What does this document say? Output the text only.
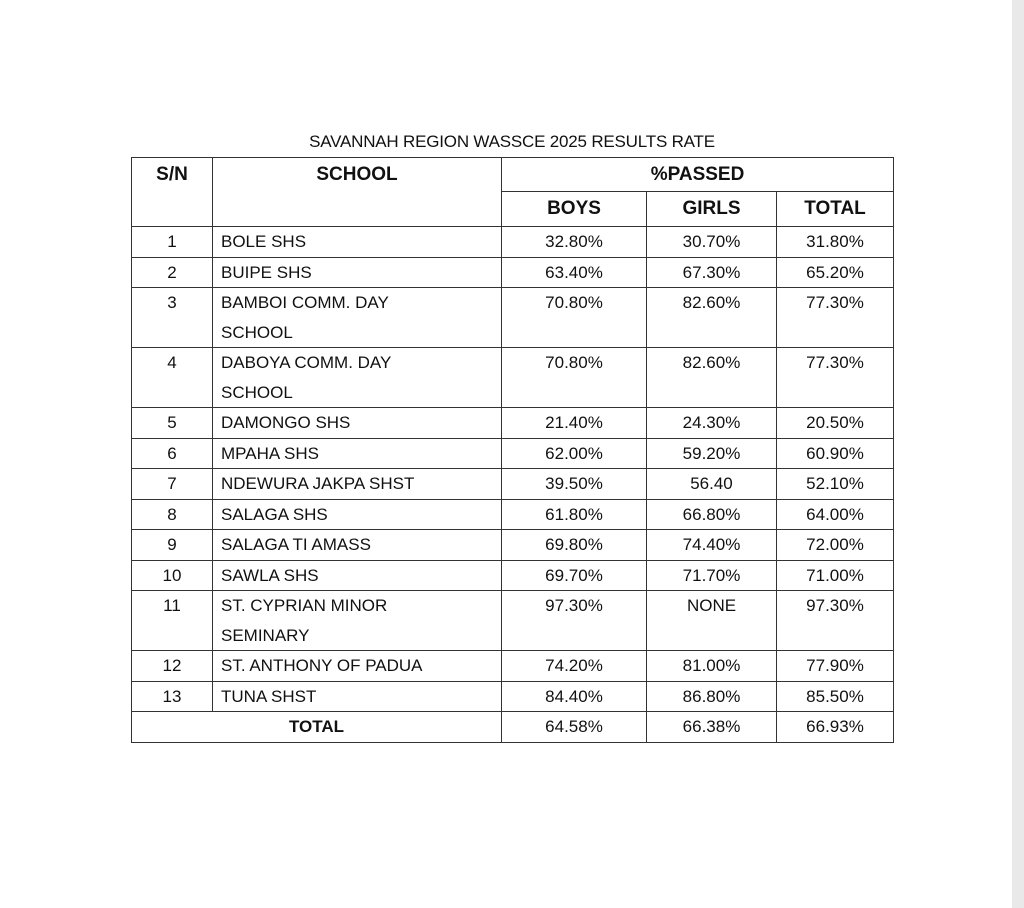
SAVANNAH REGION WASSCE 2025 RESULTS RATE
S/N	SCHOOL	%PASSED		
		BOYS	GIRLS	TOTAL
1	BOLE SHS	32.80%	30.70%	31.80%
2	BUIPE SHS	63.40%	67.30%	65.20%
3	BAMBOI COMM. DAY SCHOOL	70.80%	82.60%	77.30%
4	DABOYA COMM. DAY SCHOOL	70.80%	82.60%	77.30%
5	DAMONGO SHS	21.40%	24.30%	20.50%
6	MPAHA SHS	62.00%	59.20%	60.90%
7	NDEWURA JAKPA SHST	39.50%	56.40	52.10%
8	SALAGA SHS	61.80%	66.80%	64.00%
9	SALAGA TI AMASS	69.80%	74.40%	72.00%
10	SAWLA SHS	69.70%	71.70%	71.00%
11	ST. CYPRIAN MINOR SEMINARY	97.30%	NONE	97.30%
12	ST. ANTHONY OF PADUA	74.20%	81.00%	77.90%
13	TUNA SHST	84.40%	86.80%	85.50%
TOTAL		64.58%	66.38%	66.93%
